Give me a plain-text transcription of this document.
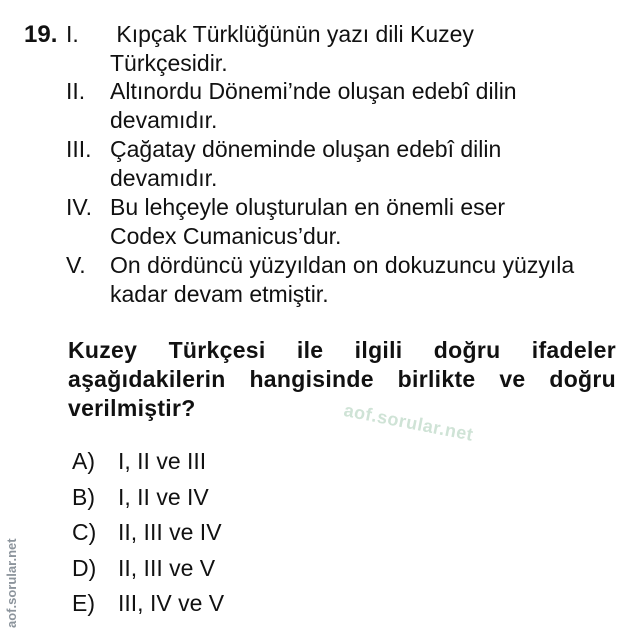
19. I. Kıpçak Türklüğünün yazı dili Kuzey Türkçesidir.
II. Altınordu Dönemi’nde oluşan edebî dilin devamıdır.
III. Çağatay döneminde oluşan edebî dilin devamıdır.
IV. Bu lehçeyle oluşturulan en önemli eser Codex Cumanicus’dur.
V. On dördüncü yüzyıldan on dokuzuncu yüzyıla kadar devam etmiştir.
Kuzey Türkçesi ile ilgili doğru ifadeler aşağıdakilerin hangisinde birlikte ve doğru verilmiştir?	aof.sorular.net
A) I, II ve III
B) I, II ve IV
C) II, III ve IV
D) II, III ve V
E) III, IV ve V
aof.sorular.net
